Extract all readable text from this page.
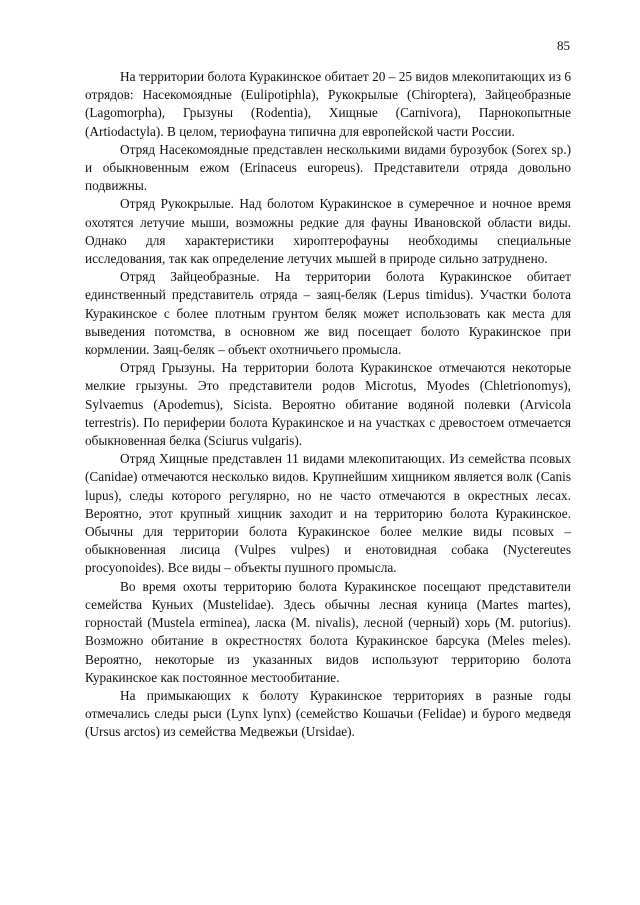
85

На территории болота Куракинское обитает 20 – 25 видов млекопитающих из 6 отрядов: Насекомоядные (Eulipotiphla), Рукокрылые (Chiroptera), Зайцеобразные (Lagomorpha), Грызуны (Rodentia), Хищные (Carnivora), Парнокопытные (Artiodactyla). В целом, териофауна типична для европейской части России.

Отряд Насекомоядные представлен несколькими видами бурозубок (Sorex sp.) и обыкновенным ежом (Erinaceus europeus). Представители отряда довольно подвижны.

Отряд Рукокрылые. Над болотом Куракинское в сумеречное и ночное время охотятся летучие мыши, возможны редкие для фауны Ивановской области виды. Однако для характеристики хироптерофауны необходимы специальные исследования, так как определение летучих мышей в природе сильно затруднено.

Отряд Зайцеобразные. На территории болота Куракинское обитает единственный представитель отряда – заяц-беляк (Lepus timidus). Участки болота Куракинское с более плотным грунтом беляк может использовать как места для выведения потомства, в основном же вид посещает болото Куракинское при кормлении. Заяц-беляк – объект охотничьего промысла.

Отряд Грызуны. На территории болота Куракинское отмечаются некоторые мелкие грызуны. Это представители родов Microtus, Myodes (Chletrionomys), Sylvaemus (Apodemus), Sicista. Вероятно обитание водяной полевки (Arvicola terrestris). По периферии болота Куракинское и на участках с древостоем отмечается обыкновенная белка (Sciurus vulgaris).

Отряд Хищные представлен 11 видами млекопитающих. Из семейства псовых (Canidae) отмечаются несколько видов. Крупнейшим хищником является волк (Canis lupus), следы которого регулярно, но не часто отмечаются в окрестных лесах. Вероятно, этот крупный хищник заходит и на территорию болота Куракинское. Обычны для территории болота Куракинское более мелкие виды псовых – обыкновенная лисица (Vulpes vulpes) и енотовидная собака (Nyctereutes procyonoides). Все виды – объекты пушного промысла.

Во время охоты территорию болота Куракинское посещают представители семейства Куньих (Mustelidae). Здесь обычны лесная куница (Martes martes), горностай (Mustela erminea), ласка (M. nivalis), лесной (черный) хорь (M. putorius). Возможно обитание в окрестностях болота Куракинское барсука (Meles meles). Вероятно, некоторые из указанных видов используют территорию болота Куракинское как постоянное местообитание.

На примыкающих к болоту Куракинское территориях в разные годы отмечались следы рыси (Lynx lynx) (семейство Кошачьи (Felidae) и бурого медведя (Ursus arctos) из семейства Медвежьи (Ursidae).
